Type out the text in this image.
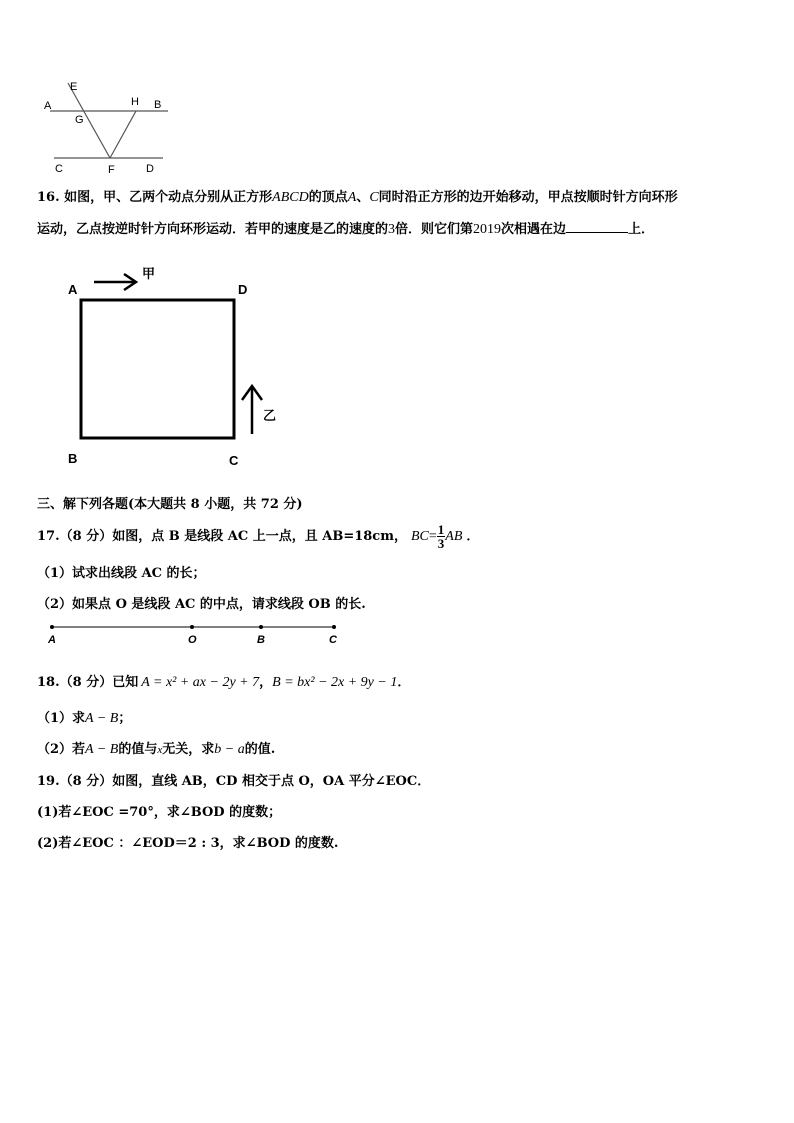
A
E
G
H B
C	F	D
16. 如图，甲、乙两个动点分别从正方形ABCD的顶点A、C同时沿正方形的边开始移动，甲点按顺时针方向环形
运动，乙点按逆时针方向环形运动．若甲的速度是乙的速度的3倍．则它们第2019次相遇在边	上．
A	D
B	C
甲
乙
三、解下列各题(本大题共 8 小题，共 72 分)
17.（8 分）如图，点 B 是线段 AC 上一点，且 AB=18cm， $BC= \frac{1}{3}$ AB ．
（1）试求出线段 AC 的长；
（2）如果点 O 是线段 AC 的中点，请求线段 OB 的长.
A	O	B	C
18.（8 分）已知 A = x² + ax − 2y + 7，B = bx² − 2x + 9y − 1．
（1）求A − B；
（2）若A − B的值与x无关，求b − a的值.
19.（8 分）如图，直线 AB，CD 相交于点 O，OA 平分∠EOC．
(1)若∠EOC =70°，求∠BOD 的度数；
(2)若∠EOC ：∠EOD＝2 : 3，求∠BOD 的度数.
